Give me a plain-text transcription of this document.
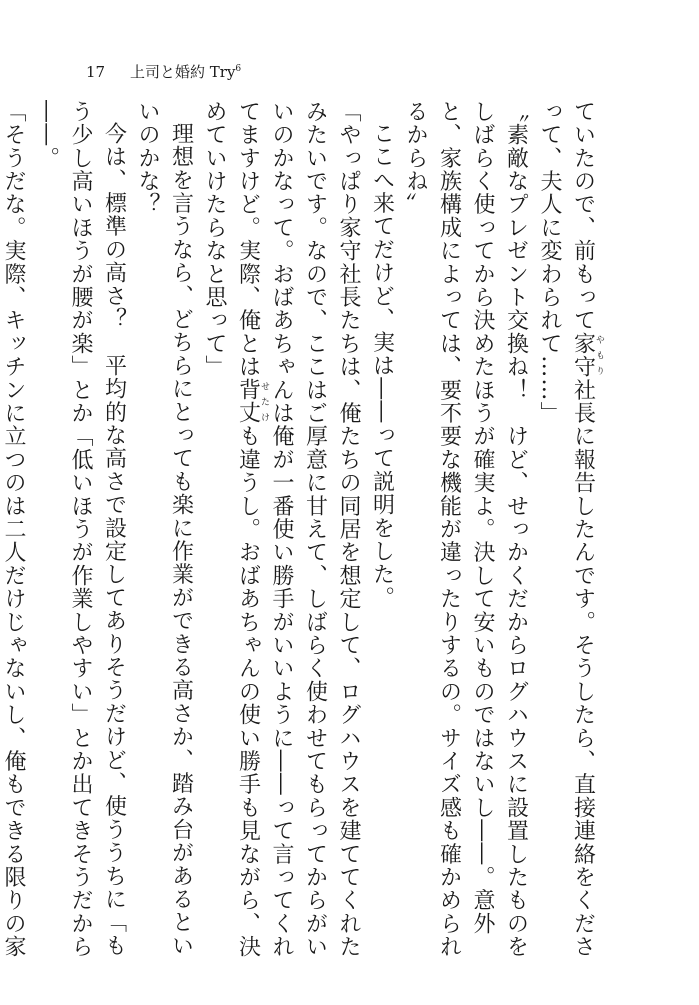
17 上司と婚約 Try$^6$

ていたので、前もって家守やもり社長に報告したんです。そうしたら、直接連絡をくださって、夫人に変わられて……」

〝素敵なプレゼント交換ね！　けど、せっかくだからログハウスに設置したものをしばらく使ってから決めたほうが確実よ。決して安いものではないし――。意外と、家族構成によっては、要不要な機能が違ったりするの。サイズ感も確かめられるからね〟

ここへ来てだけど、実は――って説明をした。

「やっぱり家守社長たちは、俺たちの同居を想定して、ログハウスを建ててくれたみたいです。なので、ここはご厚意に甘えて、しばらく使わせてもらってからがいいのかなって。おばあちゃんは俺が一番使い勝手がいいように――って言ってくれてますけど。実際、俺とは背丈せたけも違うし。おばあちゃんの使い勝手も見ながら、決めていけたらなと思って」

理想を言うなら、どちらにとっても楽に作業ができる高さか、踏み台があるといいのかな？

今は、標準の高さ？　平均的な高さで設定してありそうだけど、使ううちに「もう少し高いほうが腰が楽」とか「低いほうが作業しやすい」とか出てきそうだから――。

「そうだな。実際、キッチンに立つのは二人だけじゃないし、俺もできる限りの家
